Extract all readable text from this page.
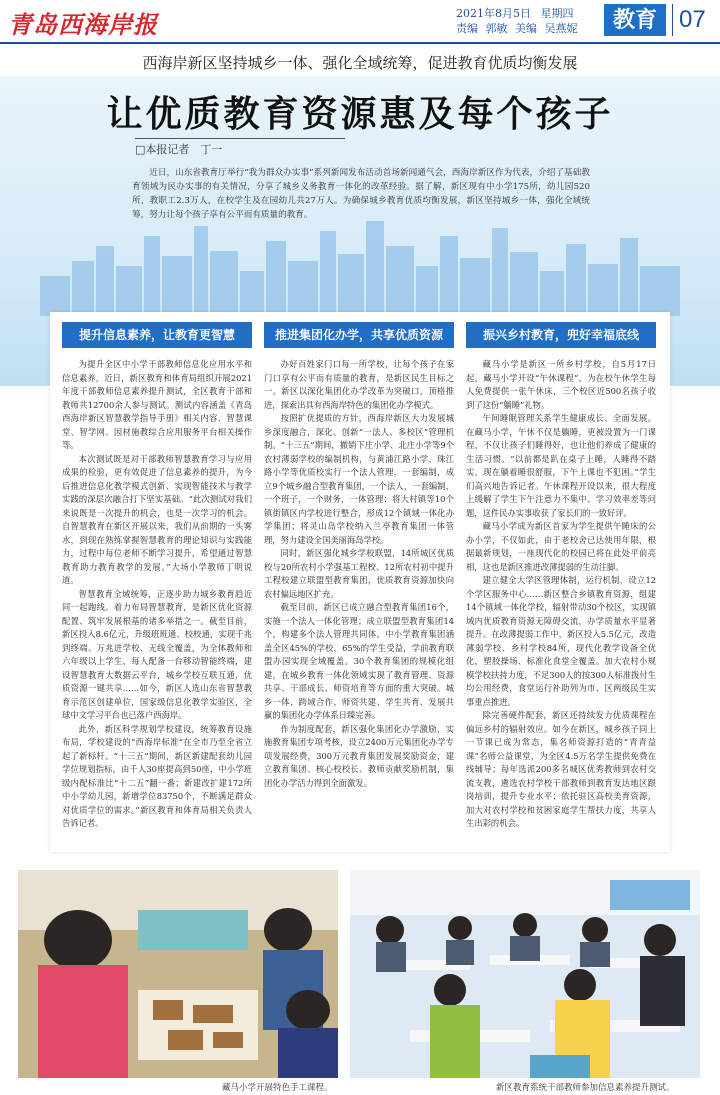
青岛西海岸报	2021年8月5日 星期四
责编 郭敏 美编 吴燕妮	教育 07
西海岸新区坚持城乡一体、强化全域统筹，促进教育优质均衡发展
让优质教育资源惠及每个孩子
□本报记者　丁一
近日，山东省教育厅举行“我为群众办实事”系列新闻发布活动首场新闻通气会，西海岸新区作为代表，介绍了基础教育领域为民办实事的有关情况，分享了城乡义务教育一体化的改革经验。据了解，新区现有中小学175所，幼儿园520所，教职工2.3万人，在校学生及在园幼儿共27万人。为确保城乡教育优质均衡发展，新区坚持城乡一体，强化全域统筹，努力让每个孩子享有公平而有质量的教育。
提升信息素养，让教育更智慧

为提升全区中小学干部教师信息化应用水平和信息素养，近日，新区教育和体育局组织开展2021年度干部教师信息素养提升测试，全区教育干部和教师共12700余人参与测试。测试内容涵盖《青岛西海岸新区智慧教学指导手册》相关内容、智慧课堂、智学网、因材施教综合应用服务平台相关操作等。

本次测试既是对干部教师智慧教育学习与应用成果的检验，更有效促进了信息素养的提升，为今后推进信息化教学模式创新、实现智能技术与教学实践的深层次融合打下坚实基础。“此次测试对我们来说既是一次提升的机会，也是一次学习的机会。自智慧教育在新区开展以来，我们从前期的一头雾水，到现在熟练掌握智慧教育的理论知识与实践能力，过程中每位老师不断学习提升，希望通过智慧教育助力教育教学的发展。”大场小学教师丁明说道。

智慧教育全域统筹，正逐步助力城乡教育趋近同一起跑线。着力布局智慧教育，是新区优化资源配置、筑牢发展根基的诸多举措之一。截至目前，新区投入8.6亿元，升级班班通、校校通，实现千兆到终端、万兆进学校、无线全覆盖，为全体教师和六年级以上学生，每人配备一台移动智能终端，建设智慧教育大数据云平台，城乡学校互联互通，优质资源一键共享……如今，新区人选山东省智慧教育示范区创建单位，国家级信息化教学实验区，全球中文学习平台也已落户西海岸。

此外，新区科学规划学校建设，统筹教育设施布局，学校建设的“西海岸标准”在全市乃至全省立起了新标杆。“十三五”期间，新区新建配套幼儿园学位规划指标，由千人30座提高到50座，中小学班级内配标准比“十二五”翻一番；新建改扩建172所中小学幼儿园，新增学位83750个，不断满足群众对优质学位的需求。”新区教育和体育局相关负责人告诉记者。

推进集团化办学，共享优质资源

办好百姓家门口每一所学校，让每个孩子在家门口享有公平而有质量的教育，是新区民生目标之一。新区以深化集团化办学改革为突破口，顶格推进，探索出具有西海岸特色的集团化办学模式。

按照扩优提质的方针，西海岸新区大力发展城乡深度融合，深化、创新“一法人、多校区”管理机制。“十三五”期间，撤销下庄小学、北庄小学等9个农村薄弱学校的编制机构，与黄浦江路小学、珠江路小学等优质校实行一个法人管理，一套编制，成立9个城乡融合型教育集团，一个法人，一套编制，一个班子，一个财务，一体管理；将大村镇等10个镇街镇区内学校进行整合，形成12个镇域一体化办学集团；将灵山岛学校纳入兰亭教育集团一体管理，努力建设全国美丽海岛学校。

同时，新区强化城乡学校联盟，14所城区优质校与20所农村小学强基工程校、12所农村初中提升工程校建立联盟型教育集团，优质教育资源加快向农村偏远地区扩充。

截至目前，新区已成立融合型教育集团16个，实施一个法人一体化管理；成立联盟型教育集团14个，构建多个法人管理共同体。中小学教育集团涵盖全区45%的学校，65%的学生受益，学前教育联盟办园实现全域覆盖。30个教育集团的规模化组建，在城乡教育一体化领域实现了教育管理、资源共享、干部成长、师资培育等方面的重大突破。城乡一体、跨域合作、师资共建、学生共育、发展共赢的集团化办学体系日臻完善。

作为制度配套，新区强化集团化办学激励，实施教育集团专项考核，设立2400万元集团化办学专项发展经费，300万元教育集团发展奖励资金，建立教育集团、核心校校长、教师贡献奖励机制，集团化办学活力得到全面激发。

振兴乡村教育，兜好幸福底线

藏马小学是新区一所乡村学校，自5月17日起，藏马小学开设“午休课程”，为在校午休学生每人免费提供一张午休床，三个校区近500名孩子收到了这份“躺睡”礼物。

午间睡眠管理关系学生健康成长、全面发展。在藏马小学，午休不仅是躺睡，更被设置为一门课程，不仅让孩子们睡得好，也让他们养成了健康的生活习惯。“以前都是趴在桌子上睡，人睡得不踏实，现在躺着睡很舒服，下午上课也不犯困。”学生们高兴地告诉记者。午休课程开设以来，很大程度上缓解了学生下午注意力不集中、学习效率差等问题，这件民办实事收获了家长们的一致好评。

藏马小学成为新区首家为学生提供午睡床的公办小学，不仅如此，由于老校舍已达使用年限，根据最新规划，一座现代化的校园已将在此处平前亮相，这也是新区推进改薄提弱的生动注脚。

建立健全大学区管理体制，运行机制，设立12个学区服务中心……新区整合乡镇教育资源，组建14个镇域一体化学校，辐射带动30个校区，实现镇域内优质教育资源无障碍交流，办学质量水平显著提升。在改薄提弱工作中，新区投入5.5亿元，改造薄弱学校、乡村学校84所，现代化教学设备全优化，塑胶操场、标准化食堂全覆盖。加大农村小规模学校扶持力度，不足300人的按300人标准拨付生均公用经费，食堂运行补助列为市、区两级民生实事重点推进。

除完善硬件配套，新区还持续发力优质课程在偏远乡村的辐射效应。如今在新区，城乡孩子同上一节课已成为常态，集名师资源打造的“青青益课”名师公益课堂，为全区4.5万名学生提供免费在线辅导；每年选派200多名城区优秀教师到农村交流支教，遴选农村学校干部教师到教育发达地区跟岗培训，提升专业水平；依托驻区高校美育资源，加大对农村学校和贫困家庭学生帮扶力度，共享人生出彩的机会。

藏马小学开展特色手工课程。	新区教育系统干部教师参加信息素养提升测试。
